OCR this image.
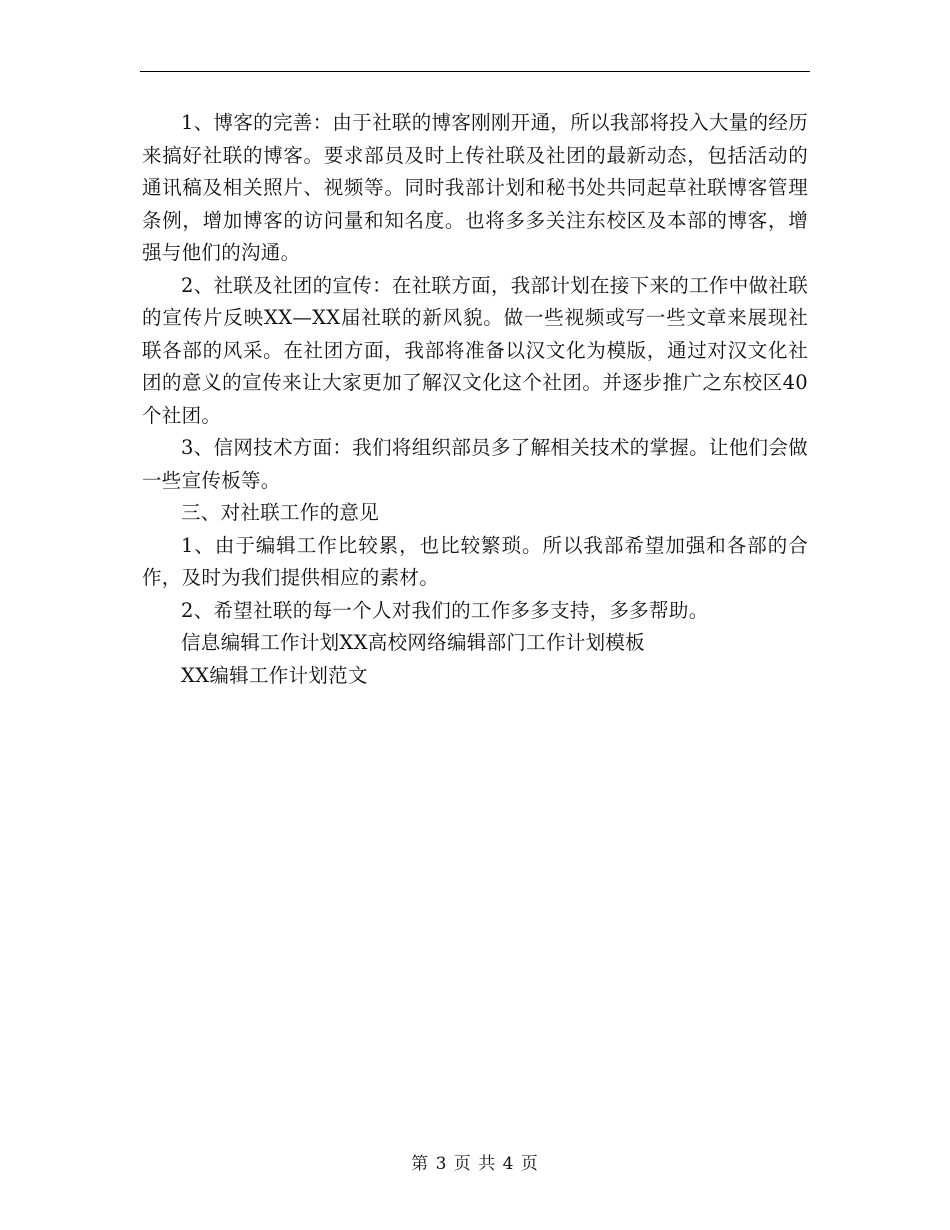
1、博客的完善：由于社联的博客刚刚开通，所以我部将投入大量的经历来搞好社联的博客。要求部员及时上传社联及社团的最新动态，包括活动的通讯稿及相关照片、视频等。同时我部计划和秘书处共同起草社联博客管理条例，增加博客的访问量和知名度。也将多多关注东校区及本部的博客，增强与他们的沟通。

2、社联及社团的宣传：在社联方面，我部计划在接下来的工作中做社联的宣传片反映XX—XX届社联的新风貌。做一些视频或写一些文章来展现社联各部的风采。在社团方面，我部将准备以汉文化为模版，通过对汉文化社团的意义的宣传来让大家更加了解汉文化这个社团。并逐步推广之东校区40个社团。

3、信网技术方面：我们将组织部员多了解相关技术的掌握。让他们会做一些宣传板等。

三、对社联工作的意见

1、由于编辑工作比较累，也比较繁琐。所以我部希望加强和各部的合作，及时为我们提供相应的素材。

2、希望社联的每一个人对我们的工作多多支持，多多帮助。

信息编辑工作计划XX高校网络编辑部门工作计划模板

XX编辑工作计划范文

第 3 页 共 4 页
